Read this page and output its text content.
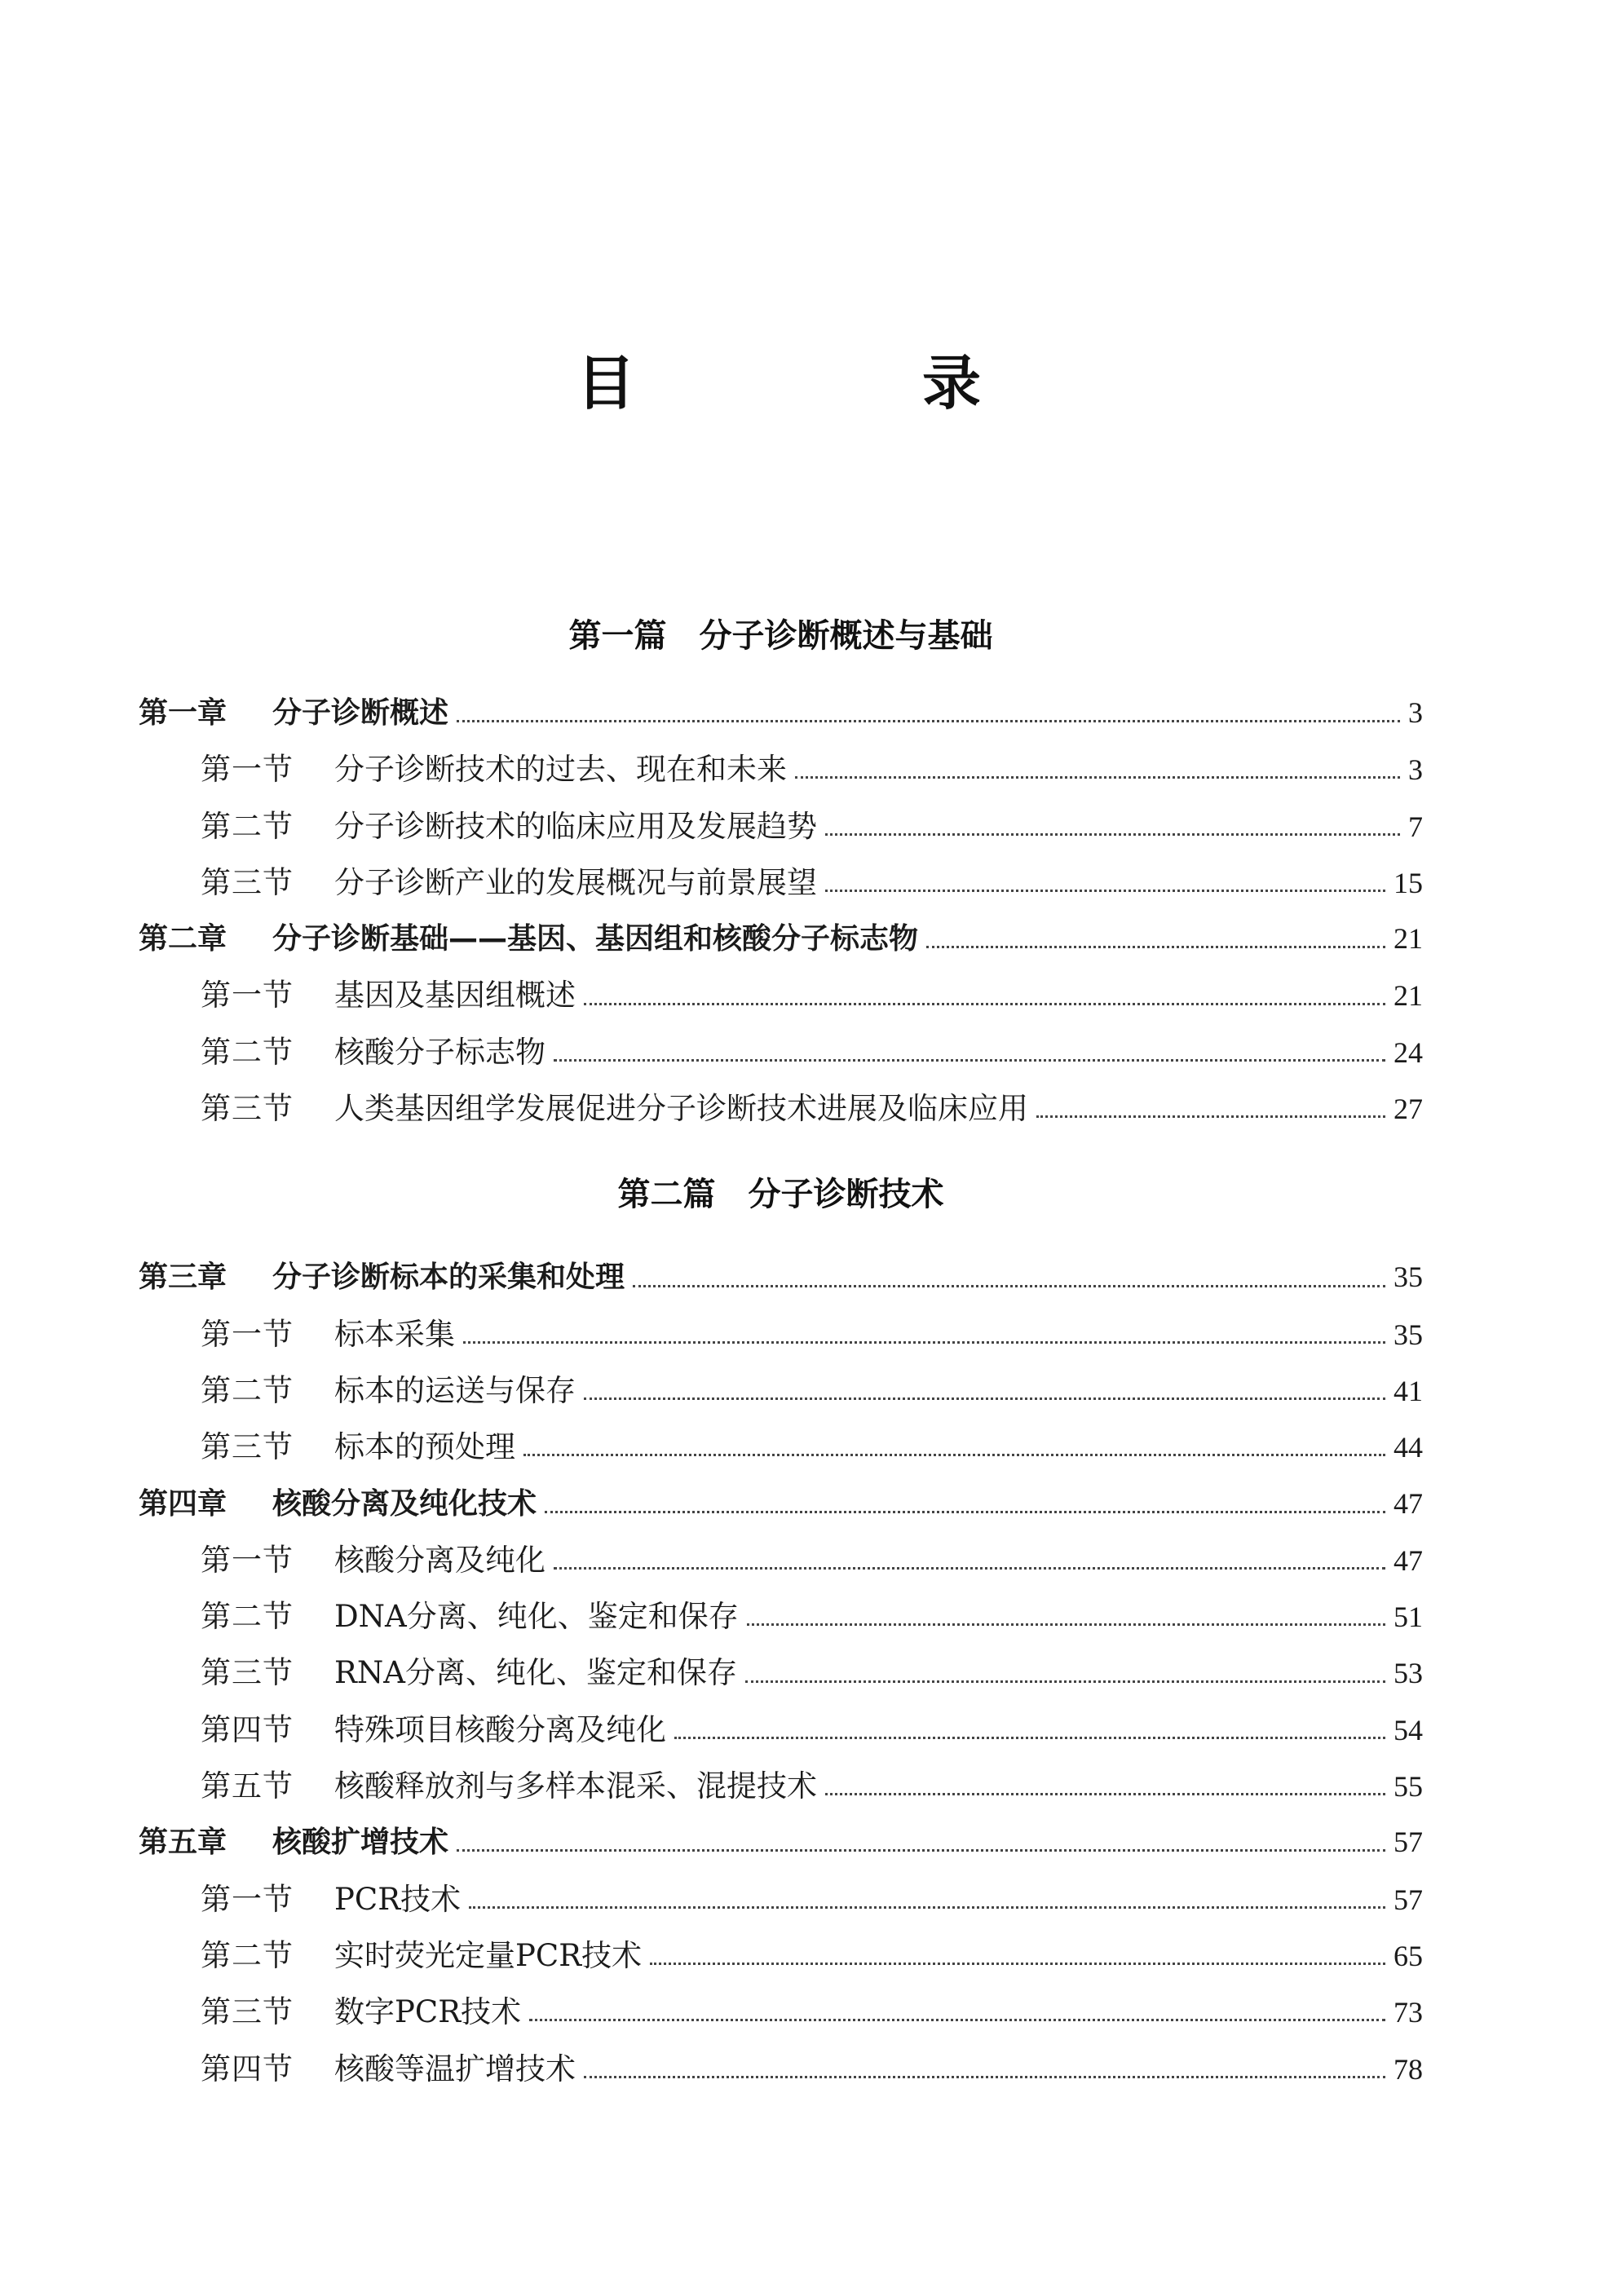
目　录
第一篇　分子诊断概述与基础
第一章	分子诊断概述	3
第一节	分子诊断技术的过去、现在和未来	3
第二节	分子诊断技术的临床应用及发展趋势	7
第三节	分子诊断产业的发展概况与前景展望	15
第二章	分子诊断基础——基因、基因组和核酸分子标志物	21
第一节	基因及基因组概述	21
第二节	核酸分子标志物	24
第三节	人类基因组学发展促进分子诊断技术进展及临床应用	27
第二篇　分子诊断技术
第三章	分子诊断标本的采集和处理	35
第一节	标本采集	35
第二节	标本的运送与保存	41
第三节	标本的预处理	44
第四章	核酸分离及纯化技术	47
第一节	核酸分离及纯化	47
第二节	DNA分离、纯化、鉴定和保存	51
第三节	RNA分离、纯化、鉴定和保存	53
第四节	特殊项目核酸分离及纯化	54
第五节	核酸释放剂与多样本混采、混提技术	55
第五章	核酸扩增技术	57
第一节	PCR技术	57
第二节	实时荧光定量PCR技术	65
第三节	数字PCR技术	73
第四节	核酸等温扩增技术	78
